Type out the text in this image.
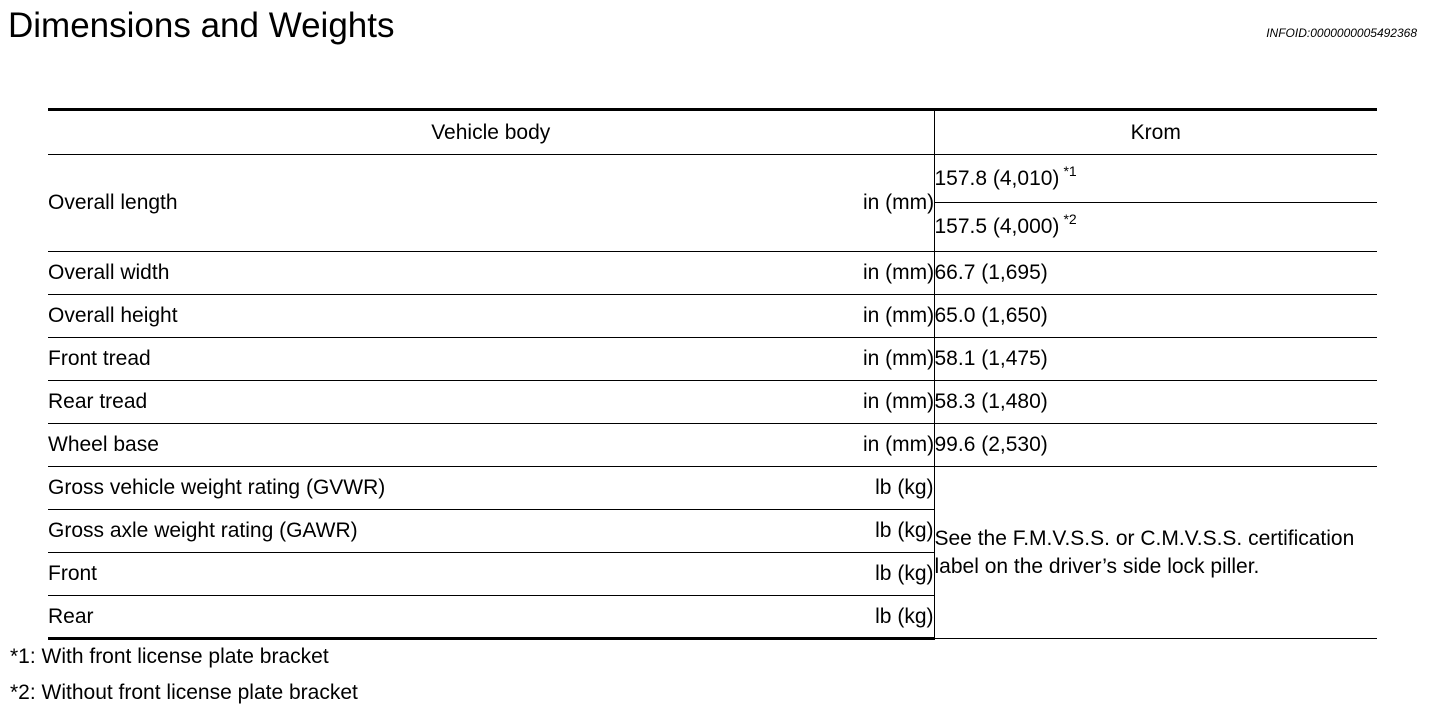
Dimensions and Weights	INFOID:0000000005492368
Vehicle body		Krom
Overall length	in (mm)	157.8 (4,010) $^{*1}$
		157.5 (4,000) $^{*2}$
Overall width	in (mm)	66.7 (1,695)
Overall height	in (mm)	65.0 (1,650)
Front tread	in (mm)	58.1 (1,475)
Rear tread	in (mm)	58.3 (1,480)
Wheel base	in (mm)	99.6 (2,530)
Gross vehicle weight rating (GVWR)	lb (kg)	See the F.M.V.S.S. or C.M.V.S.S. certification label on the driver’s side lock piller.
Gross axle weight rating (GAWR)	lb (kg)	
Front	lb (kg)	
Rear	lb (kg)	
*1: With front license plate bracket
*2: Without front license plate bracket
